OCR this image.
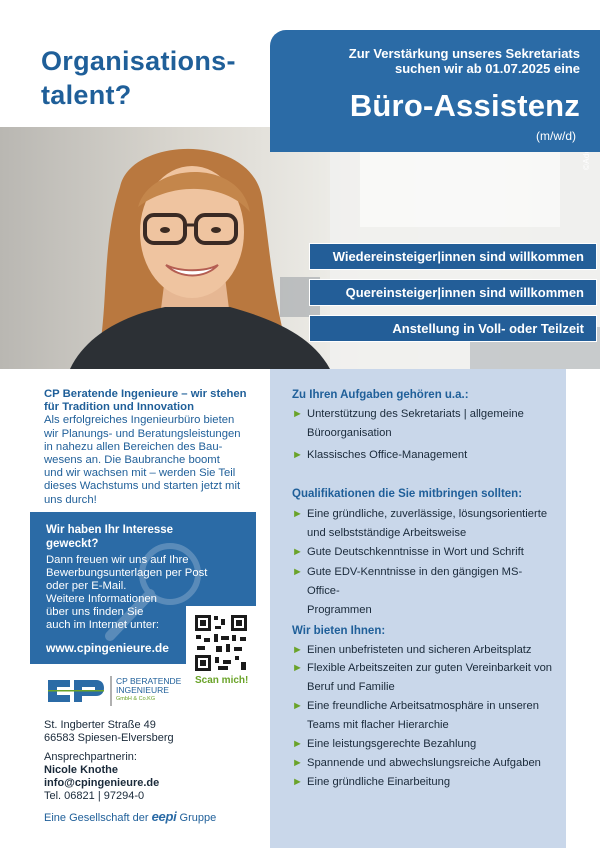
Organisations-
talent?
Zur Verstärkung unseres Sekretariats
suchen wir ab 01.07.2025 eine
Büro-Assistenz
(m/w/d)
Wiedereinsteiger|innen sind willkommen
Quereinsteiger|innen sind willkommen
Anstellung in Voll- oder Teilzeit
CP Beratende Ingenieure – wir stehen
für Tradition und Innovation
Als erfolgreiches Ingenieurbüro bieten
wir Planungs- und Beratungsleistungen
in nahezu allen Bereichen des Bau-
wesens an. Die Baubranche boomt
und wir wachsen mit – werden Sie Teil
dieses Wachstums und starten jetzt mit
uns durch!
Wir haben Ihr Interesse
geweckt?
Dann freuen wir uns auf Ihre
Bewerbungsunterlagen per Post
oder per E-Mail.
Weitere Informationen
über uns finden Sie
auch im Internet unter:
www.cpingenieure.de
Scan mich!
CP BERATENDE
INGENIEURE
GmbH & Co.KG
St. Ingberter Straße 49
66583 Spiesen-Elversberg
Ansprechpartnerin:
Nicole Knothe
info@cpingenieure.de
Tel. 06821 | 97294-0
Eine Gesellschaft der eepi Gruppe
Zu Ihren Aufgaben gehören u.a.:
► Unterstützung des Sekretariats | allgemeine
Büroorganisation
► Klassisches Office-Management
Qualifikationen die Sie mitbringen sollten:
► Eine gründliche, zuverlässige, lösungsorientierte
und selbstständige Arbeitsweise
► Gute Deutschkenntnisse in Wort und Schrift
► Gute EDV-Kenntnisse in den gängigen MS-Office-
Programmen
Wir bieten Ihnen:
► Einen unbefristeten und sicheren Arbeitsplatz
► Flexible Arbeitszeiten zur guten Vereinbarkeit von
Beruf und Familie
► Eine freundliche Arbeitsatmosphäre in unseren
Teams mit flacher Hierarchie
► Eine leistungsgerechte Bezahlung
► Spannende und abwechslungsreiche Aufgaben
► Eine gründliche Einarbeitung
